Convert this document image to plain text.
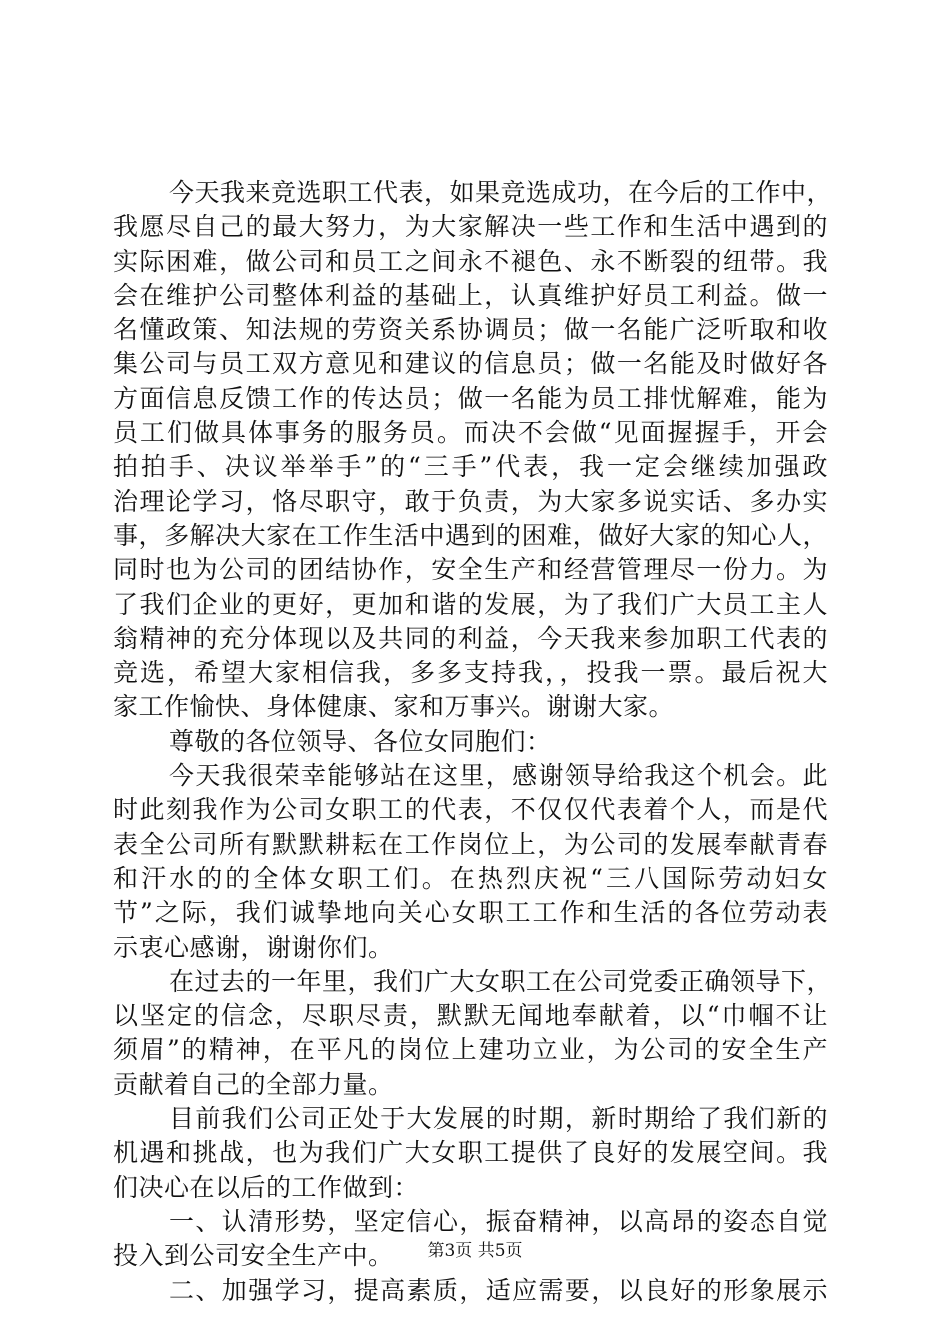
今天我来竞选职工代表，如果竞选成功，在今后的工作中，
我愿尽自己的最大努力，为大家解决一些工作和生活中遇到的
实际困难，做公司和员工之间永不褪色、永不断裂的纽带。我
会在维护公司整体利益的基础上，认真维护好员工利益。做一
名懂政策、知法规的劳资关系协调员；做一名能广泛听取和收
集公司与员工双方意见和建议的信息员；做一名能及时做好各
方面信息反馈工作的传达员；做一名能为员工排忧解难，能为
员工们做具体事务的服务员。而决不会做“见面握握手，开会
拍拍手、决议举举手”的“三手”代表，我一定会继续加强政
治理论学习，恪尽职守，敢于负责，为大家多说实话、多办实
事，多解决大家在工作生活中遇到的困难，做好大家的知心人，
同时也为公司的团结协作，安全生产和经营管理尽一份力。为
了我们企业的更好，更加和谐的发展，为了我们广大员工主人
翁精神的充分体现以及共同的利益，今天我来参加职工代表的
竞选，希望大家相信我，多多支持我，，投我一票。最后祝大
家工作愉快、身体健康、家和万事兴。谢谢大家。
尊敬的各位领导、各位女同胞们：
今天我很荣幸能够站在这里，感谢领导给我这个机会。此
时此刻我作为公司女职工的代表，不仅仅代表着个人，而是代
表全公司所有默默耕耘在工作岗位上，为公司的发展奉献青春
和汗水的的全体女职工们。在热烈庆祝“三八国际劳动妇女
节”之际，我们诚挚地向关心女职工工作和生活的各位劳动表
示衷心感谢，谢谢你们。
在过去的一年里，我们广大女职工在公司党委正确领导下，
以坚定的信念，尽职尽责，默默无闻地奉献着，以“巾帼不让
须眉”的精神，在平凡的岗位上建功立业，为公司的安全生产
贡献着自己的全部力量。
目前我们公司正处于大发展的时期，新时期给了我们新的
机遇和挑战，也为我们广大女职工提供了良好的发展空间。我
们决心在以后的工作做到：
一、认清形势，坚定信心，振奋精神，以高昂的姿态自觉
投入到公司安全生产中。
二、加强学习，提高素质，适应需要，以良好的形象展示
第3页 共5页
